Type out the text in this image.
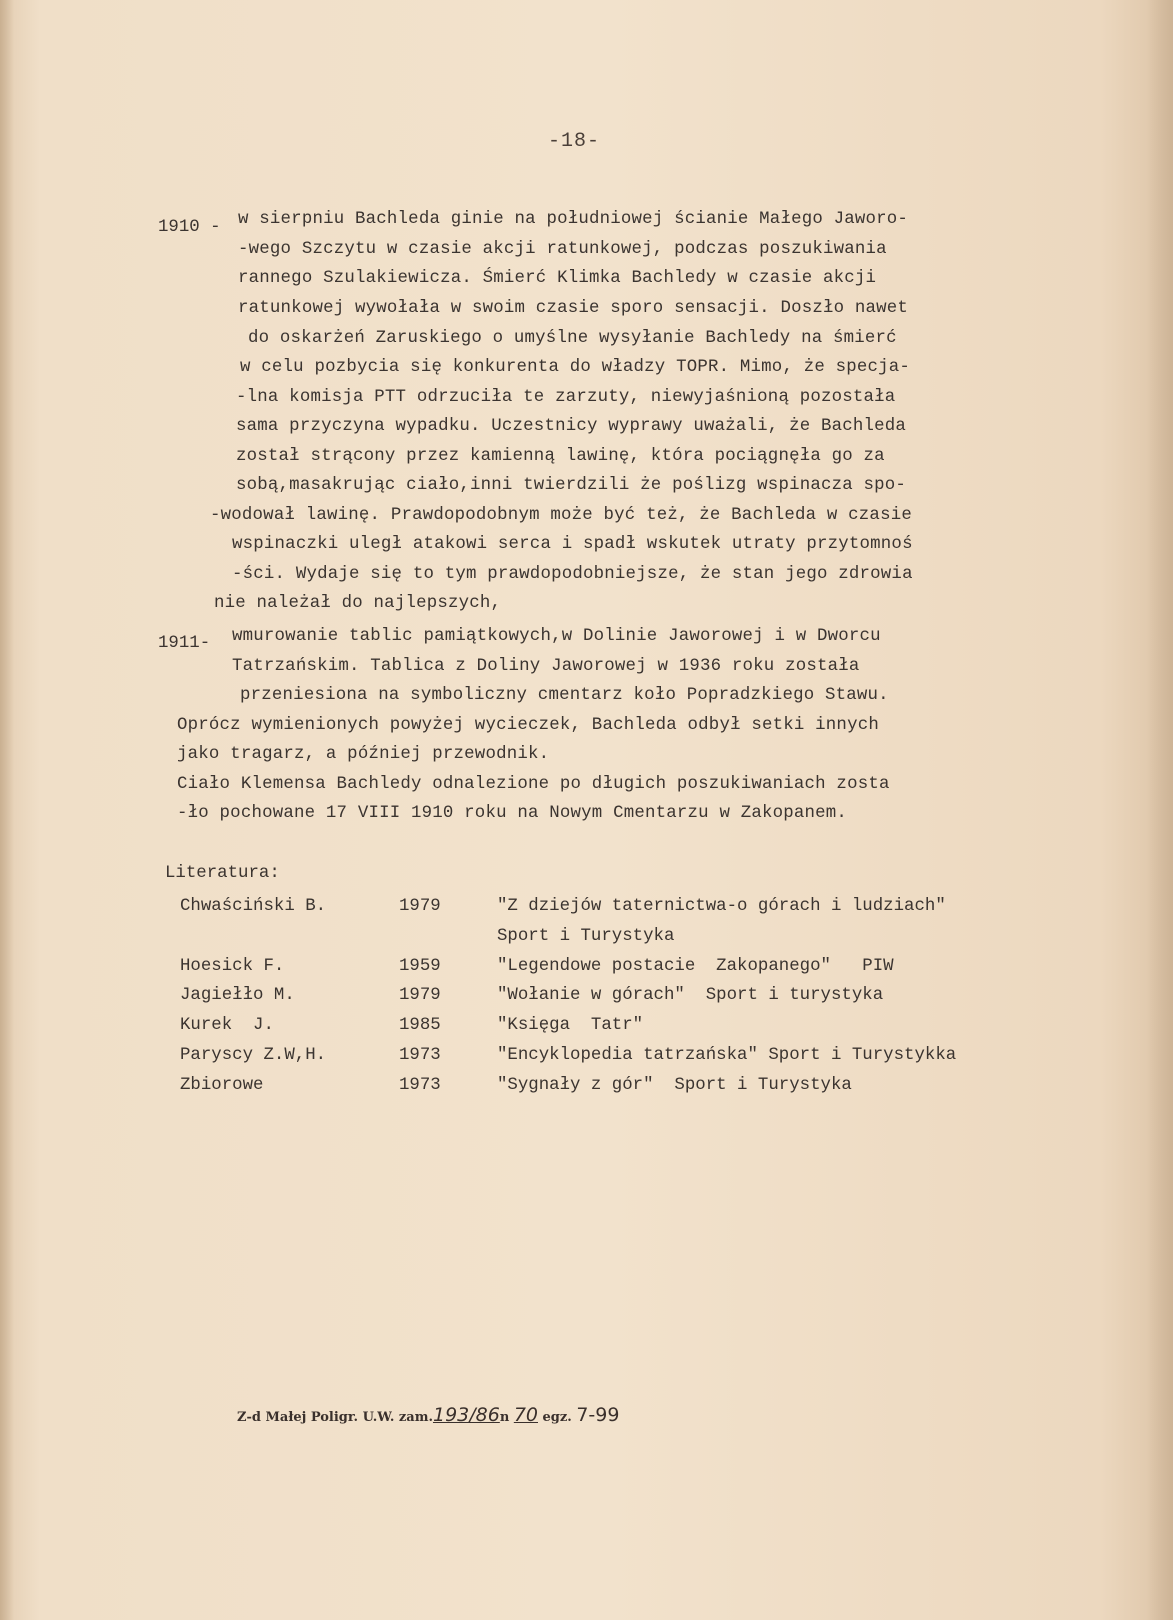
-18-
1910 - w sierpniu Bachleda ginie na południowej ścianie Małego Jaworo-
-wego Szczytu w czasie akcji ratunkowej, podczas poszukiwania
rannego Szulakiewicza. Śmierć Klimka Bachledy w czasie akcji
ratunkowej wywołała w swoim czasie sporo sensacji. Doszło nawet
do oskarżeń Zaruskiego o umyślne wysyłanie Bachledy na śmierć
w celu pozbycia się konkurenta do władzy TOPR. Mimo, że specja-
-lna komisja PTT odrzuciła te zarzuty, niewyjaśnioną pozostała
sama przyczyna wypadku. Uczestnicy wyprawy uważali, że Bachleda
został strącony przez kamienną lawinę, która pociągnęła go za
sobą,masakrując ciało,inni twierdzili że poślizg wspinacza spo-
-wodował lawinę. Prawdopodobnym może być też, że Bachleda w czasie
wspinaczki uległ atakowi serca i spadł wskutek utraty przytomnoś
-ści. Wydaje się to tym prawdopodobniejsze, że stan jego zdrowia
nie należał do najlepszych,
1911- wmurowanie tablic pamiątkowych,w Dolinie Jaworowej i w Dworcu
Tatrzańskim. Tablica z Doliny Jaworowej w 1936 roku została
przeniesiona na symboliczny cmentarz koło Popradzkiego Stawu.
Oprócz wymienionych powyżej wycieczek, Bachleda odbył setki innych
jako tragarz, a później przewodnik.
Ciało Klemensa Bachledy odnalezione po długich poszukiwaniach zosta
-ło pochowane 17 VIII 1910 roku na Nowym Cmentarzu w Zakopanem.
Literatura:
Chwaściński B.	1979	"Z dziejów taternictwa-o górach i ludziach"
Sport i Turystyka
Hoesick F.	1959	"Legendowe postacie  Zakopanego"   PIW
Jagiełło M.	1979	"Wołanie w górach"  Sport i turystyka
Kurek  J.	1985	"Księga  Tatr"
Paryscy Z.W,H.	1973	"Encyklopedia tatrzańska" Sport i Turystykka
Zbiorowe	1973	"Sygnały z gór"  Sport i Turystyka
Z-d Małej Poligr. U.W. zam.193/86n 70 egz. 7-99
